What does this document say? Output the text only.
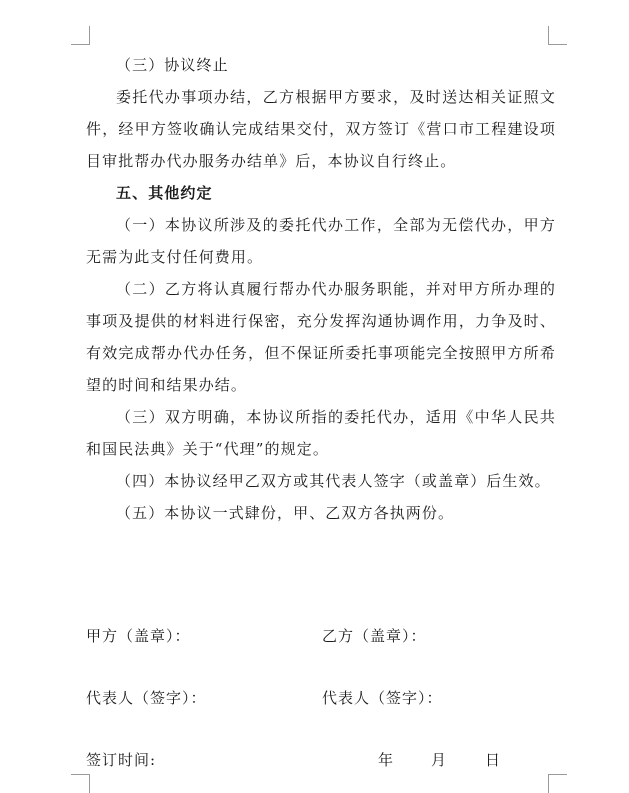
（三）协议终止

委托代办事项办结，乙方根据甲方要求，及时送达相关证照文件，经甲方签收确认完成结果交付，双方签订《营口市工程建设项目审批帮办代办服务办结单》后，本协议自行终止。

五、其他约定

（一）本协议所涉及的委托代办工作，全部为无偿代办，甲方无需为此支付任何费用。

（二）乙方将认真履行帮办代办服务职能，并对甲方所办理的事项及提供的材料进行保密，充分发挥沟通协调作用，力争及时、有效完成帮办代办任务，但不保证所委托事项能完全按照甲方所希望的时间和结果办结。

（三）双方明确，本协议所指的委托代办，适用《中华人民共和国民法典》关于“代理”的规定。

（四）本协议经甲乙双方或其代表人签字（或盖章）后生效。

（五）本协议一式肆份，甲、乙双方各执两份。

甲方（盖章）：	乙方（盖章）：
代表人（签字）：	代表人（签字）：
签订时间:	年 月	日
